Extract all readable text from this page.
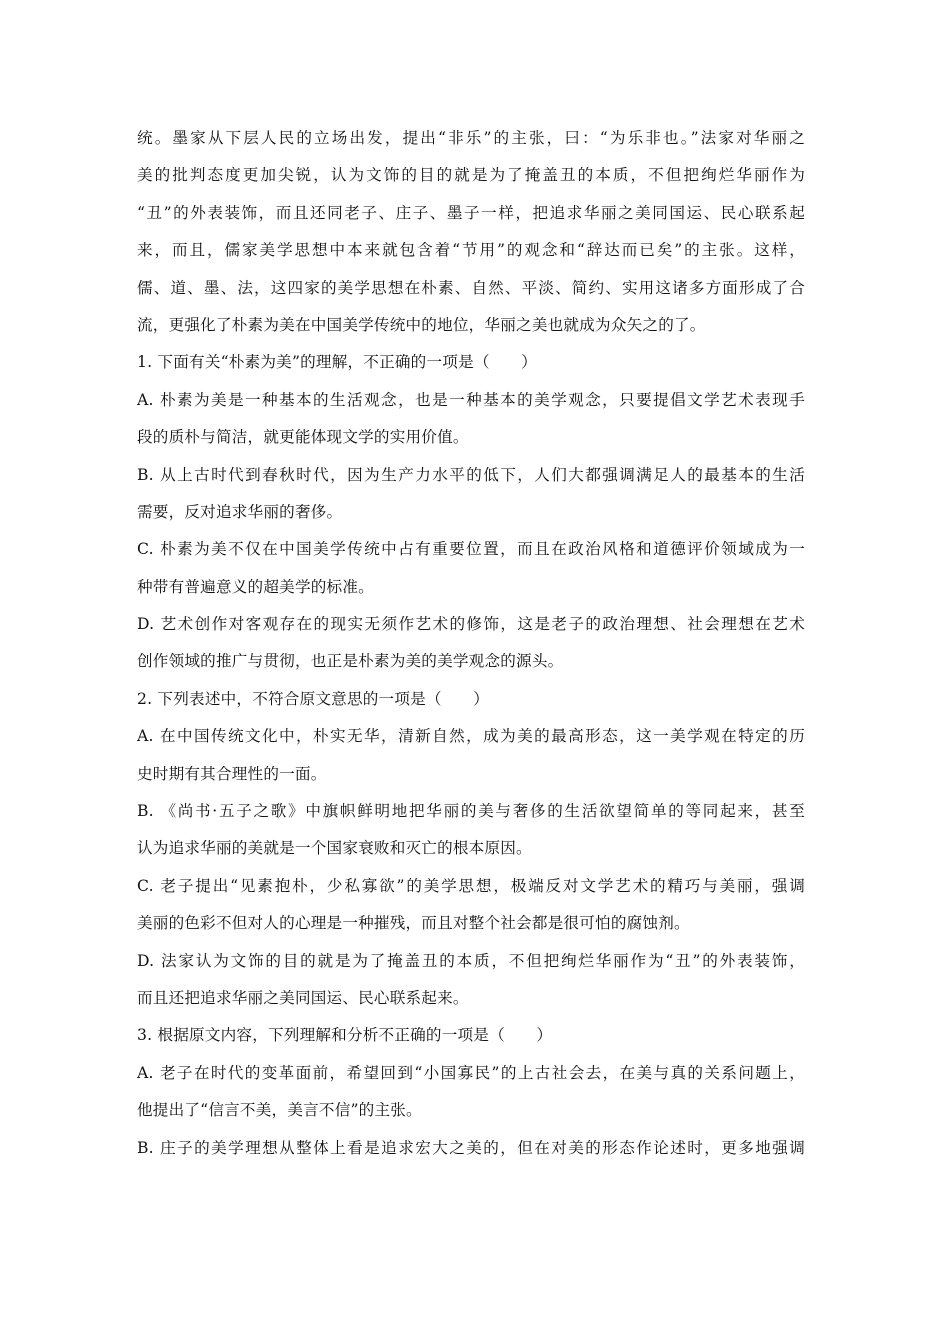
统。墨家从下层人民的立场出发，提出“非乐”的主张，曰：“为乐非也。”法家对华丽之
美的批判态度更加尖锐，认为文饰的目的就是为了掩盖丑的本质，不但把绚烂华丽作为
“丑”的外表装饰，而且还同老子、庄子、墨子一样，把追求华丽之美同国运、民心联系起
来，而且，儒家美学思想中本来就包含着“节用”的观念和“辞达而已矣”的主张。这样，
儒、道、墨、法，这四家的美学思想在朴素、自然、平淡、简约、实用这诸多方面形成了合
流，更强化了朴素为美在中国美学传统中的地位，华丽之美也就成为众矢之的了。
1. 下面有关“朴素为美”的理解，不正确的一项是（　　）
A. 朴素为美是一种基本的生活观念，也是一种基本的美学观念，只要提倡文学艺术表现手
段的质朴与简洁，就更能体现文学的实用价值。
B. 从上古时代到春秋时代，因为生产力水平的低下，人们大都强调满足人的最基本的生活
需要，反对追求华丽的奢侈。
C. 朴素为美不仅在中国美学传统中占有重要位置，而且在政治风格和道德评价领域成为一
种带有普遍意义的超美学的标准。
D. 艺术创作对客观存在的现实无须作艺术的修饰，这是老子的政治理想、社会理想在艺术
创作领域的推广与贯彻，也正是朴素为美的美学观念的源头。
2. 下列表述中，不符合原文意思的一项是（　　）
A. 在中国传统文化中，朴实无华，清新自然，成为美的最高形态，这一美学观在特定的历
史时期有其合理性的一面。
B. 《尚书·五子之歌》中旗帜鲜明地把华丽的美与奢侈的生活欲望简单的等同起来，甚至
认为追求华丽的美就是一个国家衰败和灭亡的根本原因。
C. 老子提出“见素抱朴，少私寡欲”的美学思想，极端反对文学艺术的精巧与美丽，强调
美丽的色彩不但对人的心理是一种摧残，而且对整个社会都是很可怕的腐蚀剂。
D. 法家认为文饰的目的就是为了掩盖丑的本质，不但把绚烂华丽作为“丑”的外表装饰，
而且还把追求华丽之美同国运、民心联系起来。
3. 根据原文内容，下列理解和分析不正确的一项是（　　）
A. 老子在时代的变革面前，希望回到“小国寡民”的上古社会去，在美与真的关系问题上，
他提出了“信言不美，美言不信”的主张。
B. 庄子的美学理想从整体上看是追求宏大之美的，但在对美的形态作论述时，更多地强调
